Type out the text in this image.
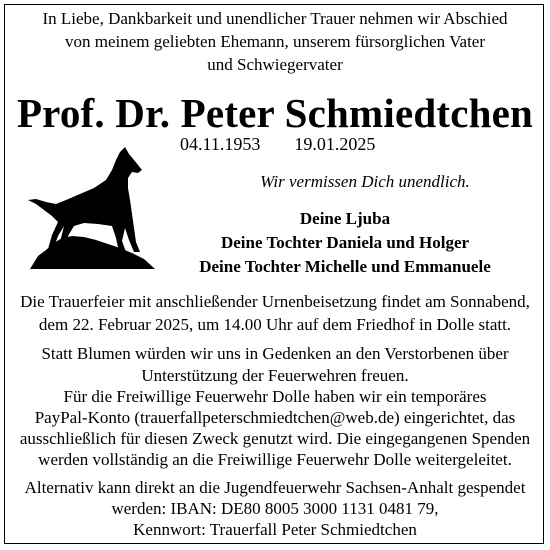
In Liebe, Dankbarkeit und unendlicher Trauer nehmen wir Abschied
von meinem geliebten Ehemann, unserem fürsorglichen Vater
und Schwiegervater
Prof. Dr. Peter Schmiedtchen
04.11.1953 19.01.2025
Wir vermissen Dich unendlich.
Deine Ljuba
Deine Tochter Daniela und Holger
Deine Tochter Michelle und Emmanuele
Die Trauerfeier mit anschließender Urnenbeisetzung findet am Sonnabend,
dem 22. Februar 2025, um 14.00 Uhr auf dem Friedhof in Dolle statt.
Statt Blumen würden wir uns in Gedenken an den Verstorbenen über
Unterstützung der Feuerwehren freuen.
Für die Freiwillige Feuerwehr Dolle haben wir ein temporäres
PayPal-Konto (trauerfallpeterschmiedtchen@web.de) eingerichtet, das
ausschließlich für diesen Zweck genutzt wird. Die eingegangenen Spenden
werden vollständig an die Freiwillige Feuerwehr Dolle weitergeleitet.
Alternativ kann direkt an die Jugendfeuerwehr Sachsen-Anhalt gespendet
werden: IBAN: DE80 8005 3000 1131 0481 79,
Kennwort: Trauerfall Peter Schmiedtchen
